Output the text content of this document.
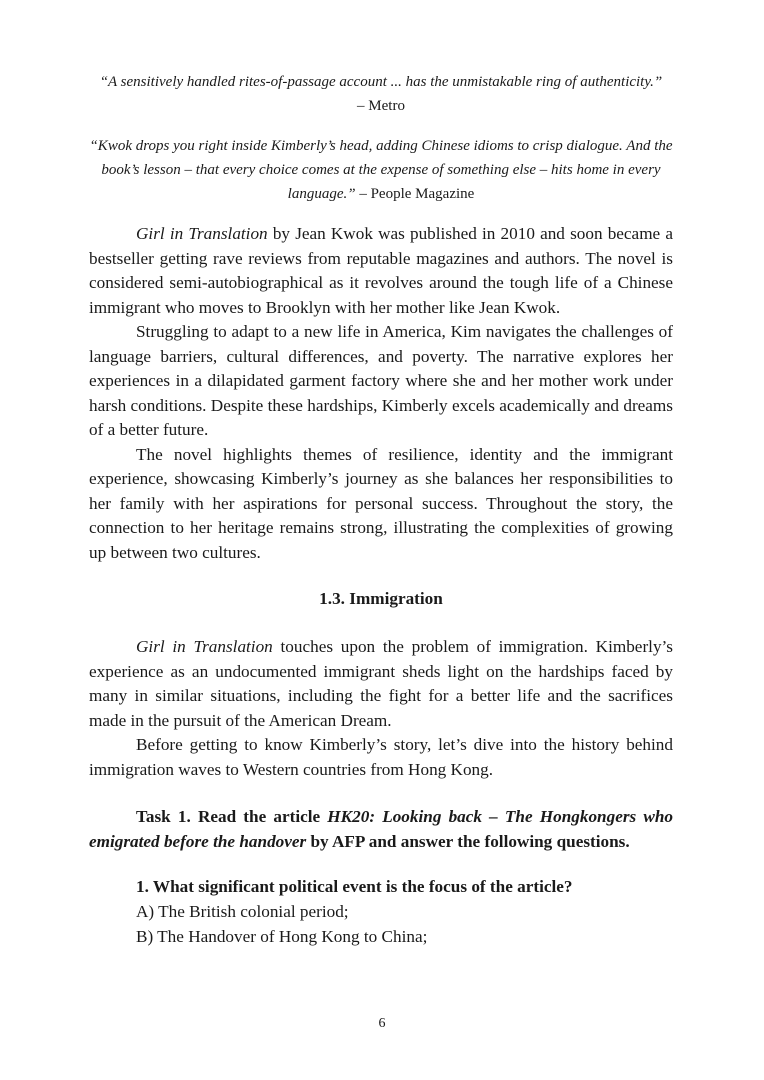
“A sensitively handled rites-of-passage account ... has the unmistakable ring of authenticity.”
– Metro
“Kwok drops you right inside Kimberly’s head, adding Chinese idioms to crisp dialogue. And the book’s lesson – that every choice comes at the expense of something else – hits home in every language.” – People Magazine

Girl in Translation by Jean Kwok was published in 2010 and soon became a bestseller getting rave reviews from reputable magazines and authors. The novel is considered semi-autobiographical as it revolves around the tough life of a Chinese immigrant who moves to Brooklyn with her mother like Jean Kwok.

Struggling to adapt to a new life in America, Kim navigates the challenges of language barriers, cultural differences, and poverty. The narrative explores her experiences in a dilapidated garment factory where she and her mother work under harsh conditions. Despite these hardships, Kimberly excels academically and dreams of a better future.

The novel highlights themes of resilience, identity and the immigrant experience, showcasing Kimberly’s journey as she balances her responsibilities to her family with her aspirations for personal success. Throughout the story, the connection to her heritage remains strong, illustrating the complexities of growing up between two cultures.

1.3. Immigration

Girl in Translation touches upon the problem of immigration. Kimberly’s experience as an undocumented immigrant sheds light on the hardships faced by many in similar situations, including the fight for a better life and the sacrifices made in the pursuit of the American Dream.

Before getting to know Kimberly’s story, let’s dive into the history behind immigration waves to Western countries from Hong Kong.

Task 1. Read the article HK20: Looking back – The Hongkongers who emigrated before the handover by AFP and answer the following questions.

1. What significant political event is the focus of the article?

A) The British colonial period;

B) The Handover of Hong Kong to China;

6
